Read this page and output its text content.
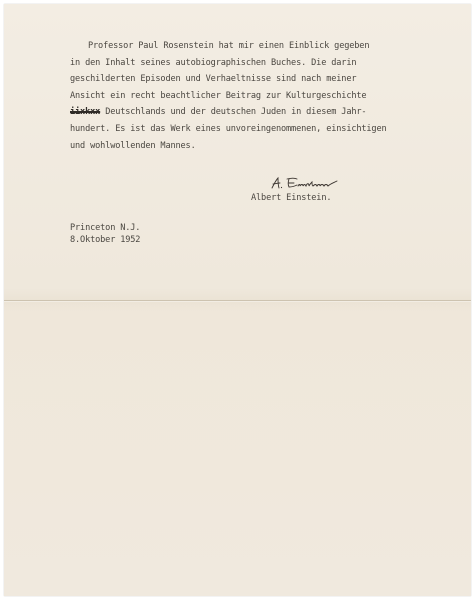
Professor Paul Rosenstein hat mir einen Einblick gegeben
in den Inhalt seines autobiographischen Buches. Die darin
geschilderten Episoden und Verhaeltnisse sind nach meiner
Ansicht ein recht beachtlicher Beitrag zur Kulturgeschichte
iixkxx Deutschlands und der deutschen Juden in diesem Jahr-
hundert. Es ist das Werk eines unvoreingenommenen, einsichtigen
und wohlwollenden Mannes.
Albert Einstein.
Princeton N.J.
8.Oktober 1952
